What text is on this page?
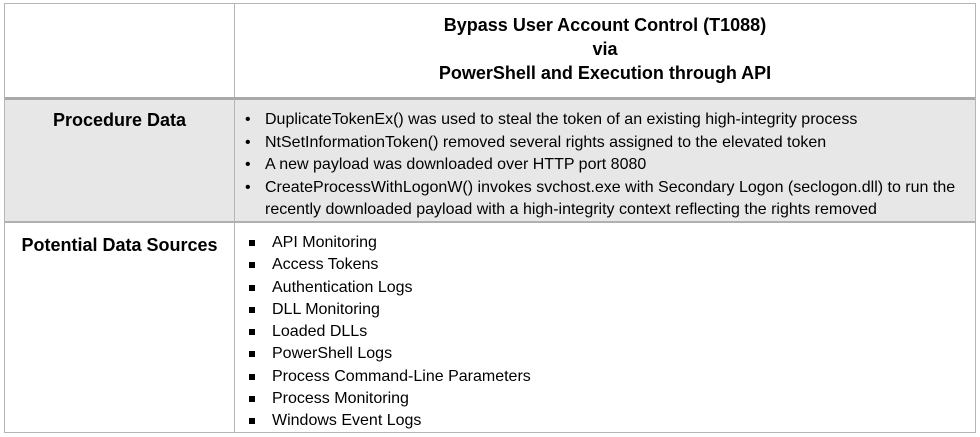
Bypass User Account Control (T1088)
via
PowerShell and Execution through API
Procedure Data	• DuplicateTokenEx() was used to steal the token of an existing high-integrity process
• NtSetInformationToken() removed several rights assigned to the elevated token
• A new payload was downloaded over HTTP port 8080
• CreateProcessWithLogonW() invokes svchost.exe with Secondary Logon (seclogon.dll) to run the recently downloaded payload with a high-integrity context reflecting the rights removed
Potential Data Sources	API Monitoring
Access Tokens
Authentication Logs
DLL Monitoring
Loaded DLLs
PowerShell Logs
Process Command-Line Parameters
Process Monitoring
Windows Event Logs
